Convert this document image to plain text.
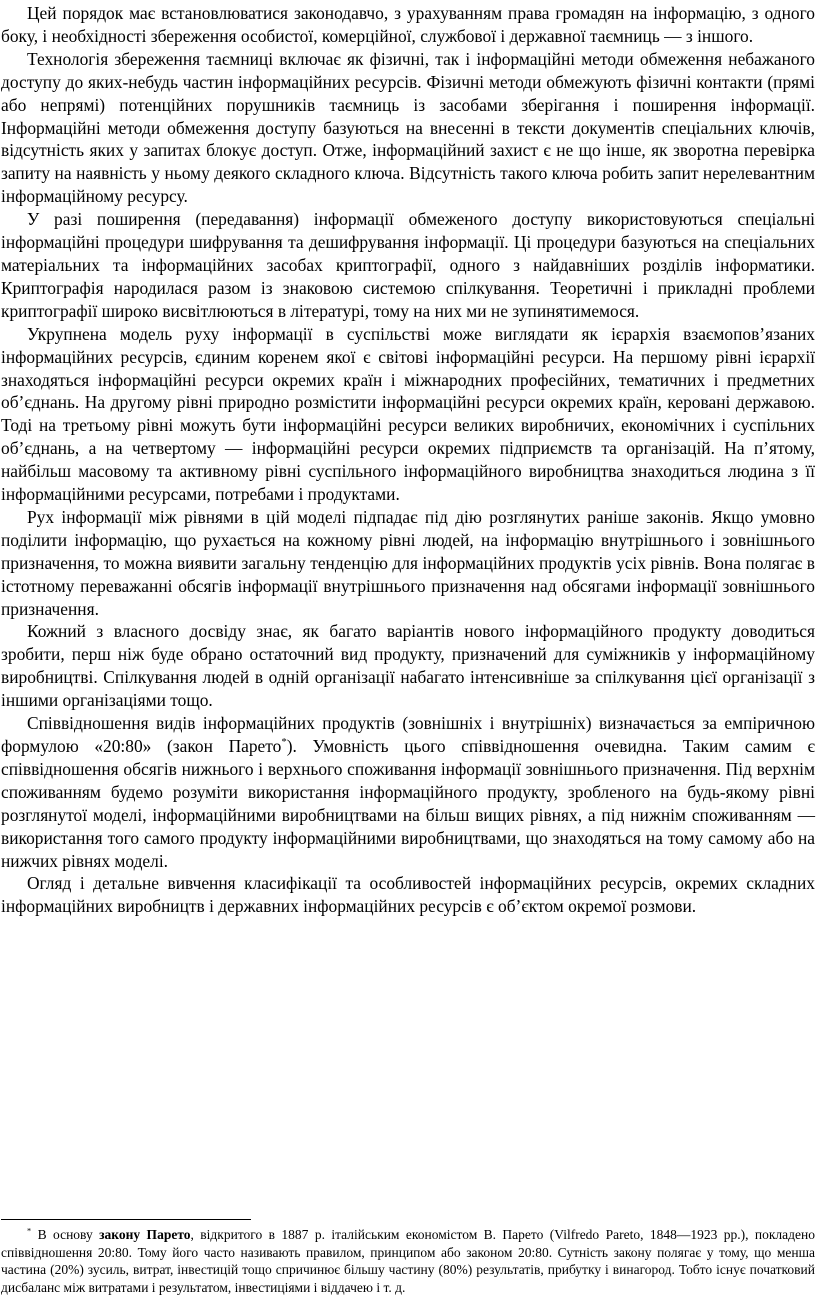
Цей порядок має встановлюватися законодавчо, з урахуванням права громадян на інформацію, з одного боку, і необхідності збереження особистої, комерційної, службової і державної таємниць — з іншого.

Технологія збереження таємниці включає як фізичні, так і інформаційні методи обмеження небажаного доступу до яких-небудь частин інформаційних ресурсів. Фізичні методи обмежують фізичні контакти (прямі або непрямі) потенційних порушників таємниць із засобами зберігання і поширення інформації. Інформаційні методи обмеження доступу базуються на внесенні в тексти документів спеціальних ключів, відсутність яких у запитах блокує доступ. Отже, інформаційний захист є не що інше, як зворотна перевірка запиту на наявність у ньому деякого складного ключа. Відсутність такого ключа робить запит нерелевантним інформаційному ресурсу.

У разі поширення (передавання) інформації обмеженого доступу використовуються спеціальні інформаційні процедури шифрування та дешифрування інформації. Ці процедури базуються на спеціальних матеріальних та інформаційних засобах криптографії, одного з найдавніших розділів інформатики. Криптографія народилася разом із знаковою системою спілкування. Теоретичні і прикладні проблеми криптографії широко висвітлюються в літературі, тому на них ми не зупинятимемося.

Укрупнена модель руху інформації в суспільстві може виглядати як ієрархія взаємопов’язаних інформаційних ресурсів, єдиним коренем якої є світові інформаційні ресурси. На першому рівні ієрархії знаходяться інформаційні ресурси окремих країн і міжнародних професійних, тематичних і предметних об’єднань. На другому рівні природно розмістити інформаційні ресурси окремих країн, керовані державою. Тоді на третьому рівні можуть бути інформаційні ресурси великих виробничих, економічних і суспільних об’єднань, а на четвертому — інформаційні ресурси окремих підприємств та організацій. На п’ятому, найбільш масовому та активному рівні суспільного інформаційного виробництва знаходиться людина з її інформаційними ресурсами, потребами і продуктами.

Рух інформації між рівнями в цій моделі підпадає під дію розглянутих раніше законів. Якщо умовно поділити інформацію, що рухається на кожному рівні людей, на інформацію внутрішнього і зовнішнього призначення, то можна виявити загальну тенденцію для інформаційних продуктів усіх рівнів. Вона полягає в істотному переважанні обсягів інформації внутрішнього призначення над обсягами інформації зовнішнього призначення.

Кожний з власного досвіду знає, як багато варіантів нового інформаційного продукту доводиться зробити, перш ніж буде обрано остаточний вид продукту, призначений для суміжників у інформаційному виробництві. Спілкування людей в одній організації набагато інтенсивніше за спілкування цієї організації з іншими організаціями тощо.

Співвідношення видів інформаційних продуктів (зовнішніх і внутрішніх) визначається за емпіричною формулою «20:80» (закон Парето*). Умовність цього співвідношення очевидна. Таким самим є співвідношення обсягів нижнього і верхнього споживання інформації зовнішнього призначення. Під верхнім споживанням будемо розуміти використання інформаційного продукту, зробленого на будь-якому рівні розглянутої моделі, інформаційними виробництвами на більш вищих рівнях, а під нижнім споживанням — використання того самого продукту інформаційними виробництвами, що знаходяться на тому самому або на нижчих рівнях моделі.

Огляд і детальне вивчення класифікації та особливостей інформаційних ресурсів, окремих складних інформаційних виробництв і державних інформаційних ресурсів є об’єктом окремої розмови.

* В основу закону Парето, відкритого в 1887 р. італійським економістом В. Парето (Vilfredo Pareto, 1848—1923 рр.), покладено співвідношення 20:80. Тому його часто називають правилом, принципом або законом 20:80. Сутність закону полягає у тому, що менша частина (20%) зусиль, витрат, інвестицій тощо спричинює більшу частину (80%) результатів, прибутку і винагород. Тобто існує початковий дисбаланс між витратами і результатом, інвестиціями і віддачею і т. д.
